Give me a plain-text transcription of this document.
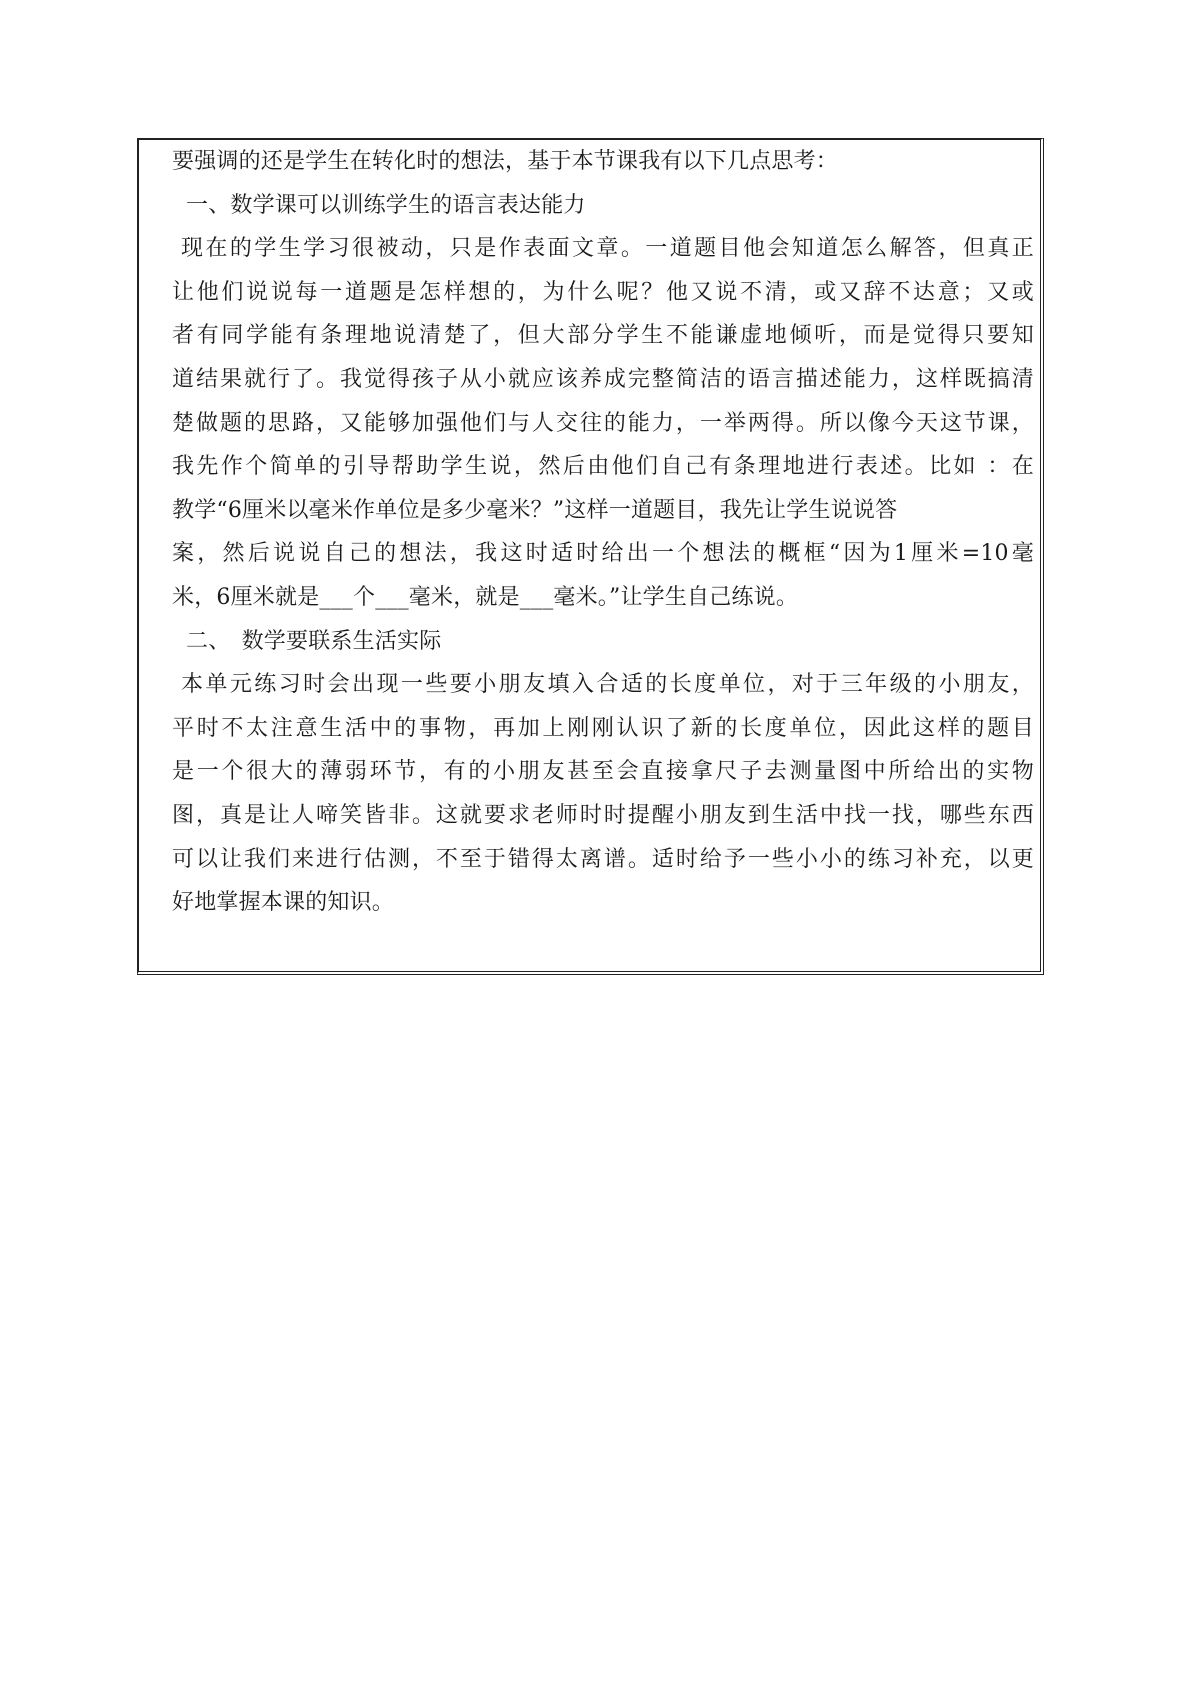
要强调的还是学生在转化时的想法，基于本节课我有以下几点思考：
一、数学课可以训练学生的语言表达能力
现在的学生学习很被动，只是作表面文章。一道题目他会知道怎么解答，但真正
让他们说说每一道题是怎样想的，为什么呢？他又说不清，或又辞不达意；又或
者有同学能有条理地说清楚了，但大部分学生不能谦虚地倾听，而是觉得只要知
道结果就行了。我觉得孩子从小就应该养成完整简洁的语言描述能力，这样既搞清
楚做题的思路，又能够加强他们与人交往的能力，一举两得。所以像今天这节课，
我先作个简单的引导帮助学生说，然后由他们自己有条理地进行表述。比如 ：在
教学“6厘米以毫米作单位是多少毫米？”这样一道题目，我先让学生说说答
案，然后说说自己的想法，我这时适时给出一个想法的概框“因为1厘米=10毫
米，6厘米就是___个___毫米，就是___毫米。”让学生自己练说。
二、　数学要联系生活实际
本单元练习时会出现一些要小朋友填入合适的长度单位，对于三年级的小朋友，
平时不太注意生活中的事物，再加上刚刚认识了新的长度单位，因此这样的题目
是一个很大的薄弱环节，有的小朋友甚至会直接拿尺子去测量图中所给出的实物
图，真是让人啼笑皆非。这就要求老师时时提醒小朋友到生活中找一找，哪些东西
可以让我们来进行估测，不至于错得太离谱。适时给予一些小小的练习补充，以更
好地掌握本课的知识。
